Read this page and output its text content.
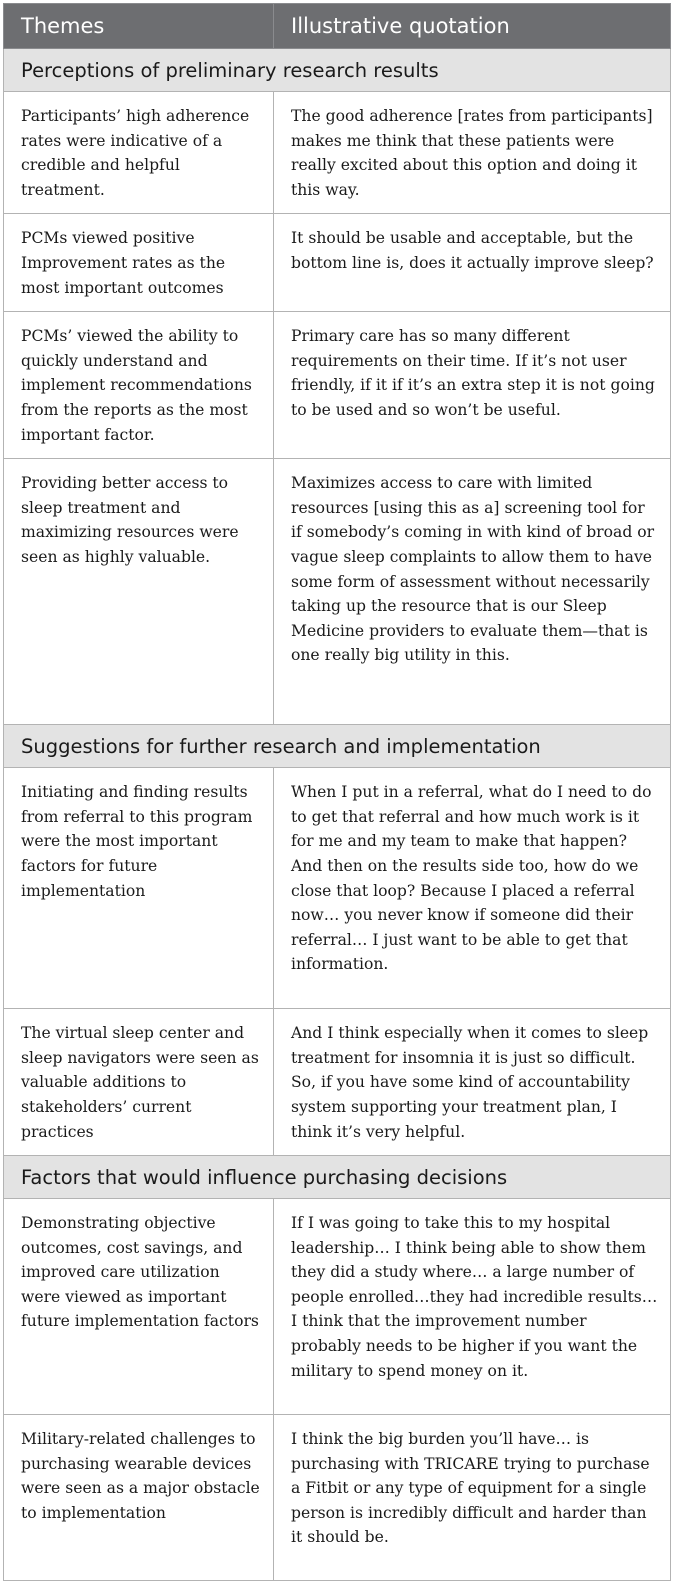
Themes	Illustrative quotation
Perceptions of preliminary research results	
Participants’ high adherence rates were indicative of a credible and helpful treatment.	The good adherence [rates from participants] makes me think that these patients were really excited about this option and doing it this way.
PCMs viewed positive Improvement rates as the most important outcomes	It should be usable and acceptable, but the bottom line is, does it actually improve sleep?
PCMs’ viewed the ability to quickly understand and implement recommendations from the reports as the most important factor.	Primary care has so many different requirements on their time. If it’s not user friendly, if it if it’s an extra step it is not going to be used and so won’t be useful.
Providing better access to sleep treatment and maximizing resources were seen as highly valuable.	Maximizes access to care with limited resources [using this as a] screening tool for if somebody’s coming in with kind of broad or vague sleep complaints to allow them to have some form of assessment without necessarily taking up the resource that is our Sleep Medicine providers to evaluate them—that is one really big utility in this.
Suggestions for further research and implementation	
Initiating and finding results from referral to this program were the most important factors for future implementation	When I put in a referral, what do I need to do to get that referral and how much work is it for me and my team to make that happen? And then on the results side too, how do we close that loop? Because I placed a referral now… you never know if someone did their referral… I just want to be able to get that information.
The virtual sleep center and sleep navigators were seen as valuable additions to stakeholders’ current practices	And I think especially when it comes to sleep treatment for insomnia it is just so difficult. So, if you have some kind of accountability system supporting your treatment plan, I think it’s very helpful.
Factors that would influence purchasing decisions	
Demonstrating objective outcomes, cost savings, and improved care utilization were viewed as important future implementation factors	If I was going to take this to my hospital leadership… I think being able to show them they did a study where… a large number of people enrolled…they had incredible results… I think that the improvement number probably needs to be higher if you want the military to spend money on it.
Military-related challenges to purchasing wearable devices were seen as a major obstacle to implementation	I think the big burden you’ll have… is purchasing with TRICARE trying to purchase a Fitbit or any type of equipment for a single person is incredibly difficult and harder than it should be.
